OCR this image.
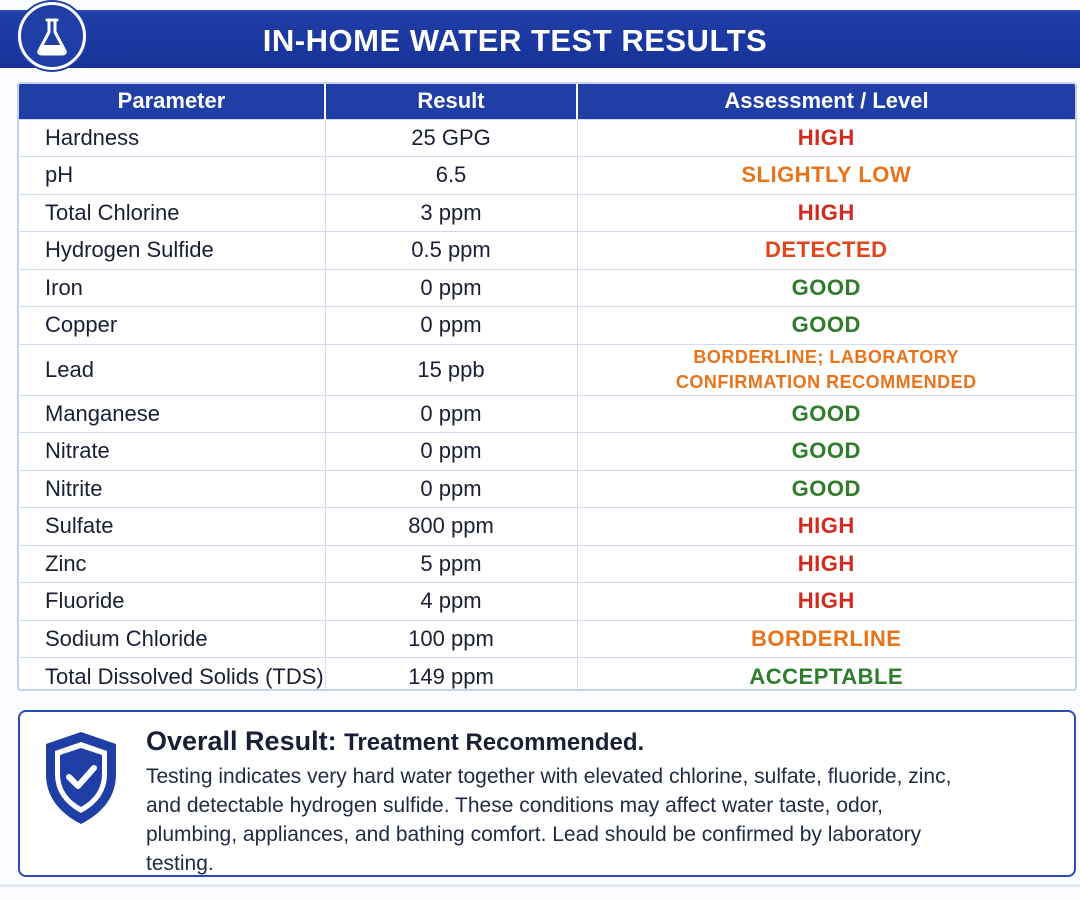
IN-HOME WATER TEST RESULTS
Parameter	Result	Assessment / Level
Hardness	25 GPG	HIGH
pH	6.5	SLIGHTLY LOW
Total Chlorine	3 ppm	HIGH
Hydrogen Sulfide	0.5 ppm	DETECTED
Iron	0 ppm	GOOD
Copper	0 ppm	GOOD
Lead	15 ppb	BORDERLINE; LABORATORY
CONFIRMATION RECOMMENDED

Manganese	0 ppm	GOOD
Nitrate	0 ppm	GOOD
Nitrite	0 ppm	GOOD
Sulfate	800 ppm	HIGH
Zinc	5 ppm	HIGH
Fluoride	4 ppm	HIGH
Sodium Chloride	100 ppm	BORDERLINE
Total Dissolved Solids (TDS)	149 ppm	ACCEPTABLE
Overall Result: Treatment Recommended.
Testing indicates very hard water together with elevated chlorine, sulfate, fluoride, zinc, and detectable hydrogen sulfide. These conditions may affect water taste, odor, plumbing, appliances, and bathing comfort. Lead should be confirmed by laboratory testing.
